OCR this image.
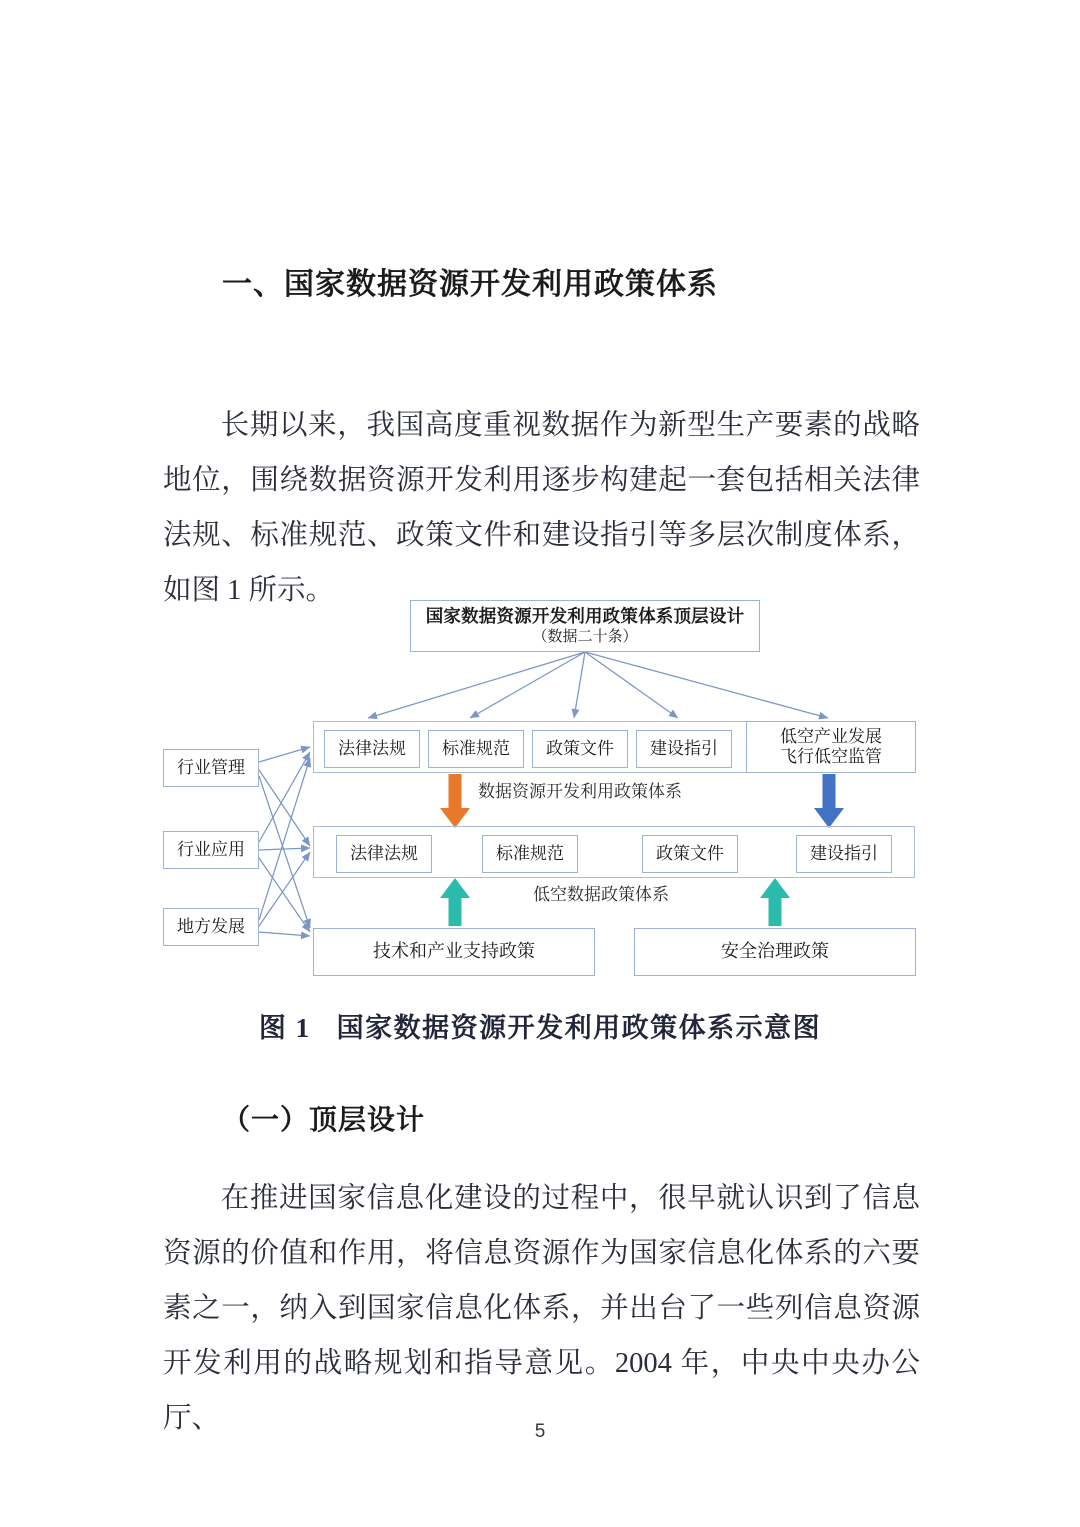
一、国家数据资源开发利用政策体系

长期以来，我国高度重视数据作为新型生产要素的战略地位，围绕数据资源开发利用逐步构建起一套包括相关法律法规、标准规范、政策文件和建设指引等多层次制度体系，如图 1 所示。

国家数据资源开发利用政策体系顶层设计
（数据二十条）
行业管理
行业应用
地方发展
法律法规	标准规范	政策文件	建设指引
低空产业发展
飞行低空监管
数据资源开发利用政策体系
法律法规	标准规范	政策文件	建设指引
低空数据政策体系
技术和产业支持政策	安全治理政策
图 1 国家数据资源开发利用政策体系示意图
（一）顶层设计

在推进国家信息化建设的过程中，很早就认识到了信息资源的价值和作用，将信息资源作为国家信息化体系的六要素之一，纳入到国家信息化体系，并出台了一些列信息资源开发利用的战略规划和指导意见。2004 年，中央中央办公厅、	5
